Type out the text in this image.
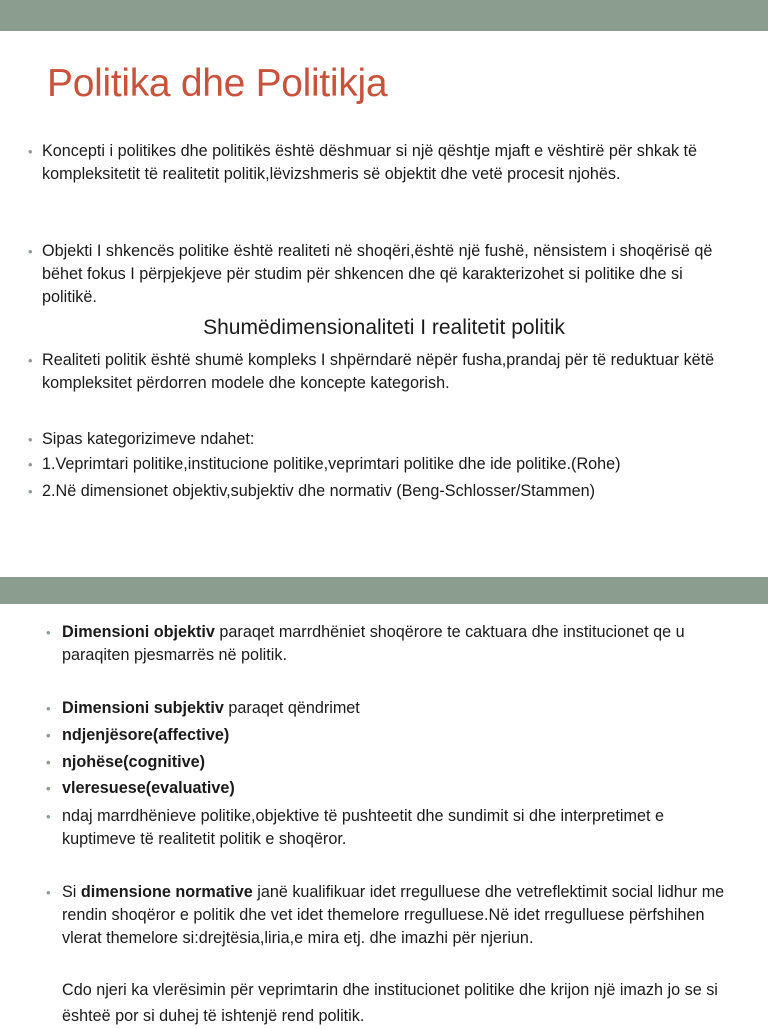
Politika dhe Politikja
• Koncepti i politikes dhe politikës është dëshmuar si një qështje mjaft e vështirë për shkak të kompleksitetit të realitetit politik,lëvizshmeris së objektit dhe vetë procesit njohës.
• Objekti I shkencës politike është realiteti në shoqëri,është një fushë, nënsistem i shoqërisë që bëhet fokus I përpjekjeve për studim për shkencen dhe që karakterizohet si politike dhe si politikë.
Shumëdimensionaliteti I realitetit politik
• Realiteti politik është shumë kompleks I shpërndarë nëpër fusha,prandaj për të reduktuar këtë kompleksitet përdorren modele dhe koncepte kategorish.
• Sipas kategorizimeve ndahet:
• 1.Veprimtari politike,institucione politike,veprimtari politike dhe ide politike.(Rohe)
• 2.Në dimensionet objektiv,subjektiv dhe normativ (Beng-Schlosser/Stammen)
• Dimensioni objektiv paraqet marrdhëniet shoqërore te caktuara dhe institucionet qe u paraqiten pjesmarrës në politik.
• Dimensioni subjektiv paraqet qëndrimet
• ndjenjësore(affective)
• njohëse(cognitive)
• vleresuese(evaluative)
• ndaj marrdhënieve politike,objektive të pushteetit dhe sundimit si dhe interpretimet e kuptimeve të realitetit politik e shoqëror.
• Si dimensione normative janë kualifikuar idet rregulluese dhe vetreflektimit social lidhur me rendin shoqëror e politik dhe vet idet themelore rregulluese.Në idet rregulluese përfshihen vlerat themelore si:drejtësia,liria,e mira etj. dhe imazhi për njeriun.
Cdo njeri ka vlerësimin për veprimtarin dhe institucionet politike dhe krijon një imazh jo se si ështeë por si duhej të ishtenjë rend politik.
